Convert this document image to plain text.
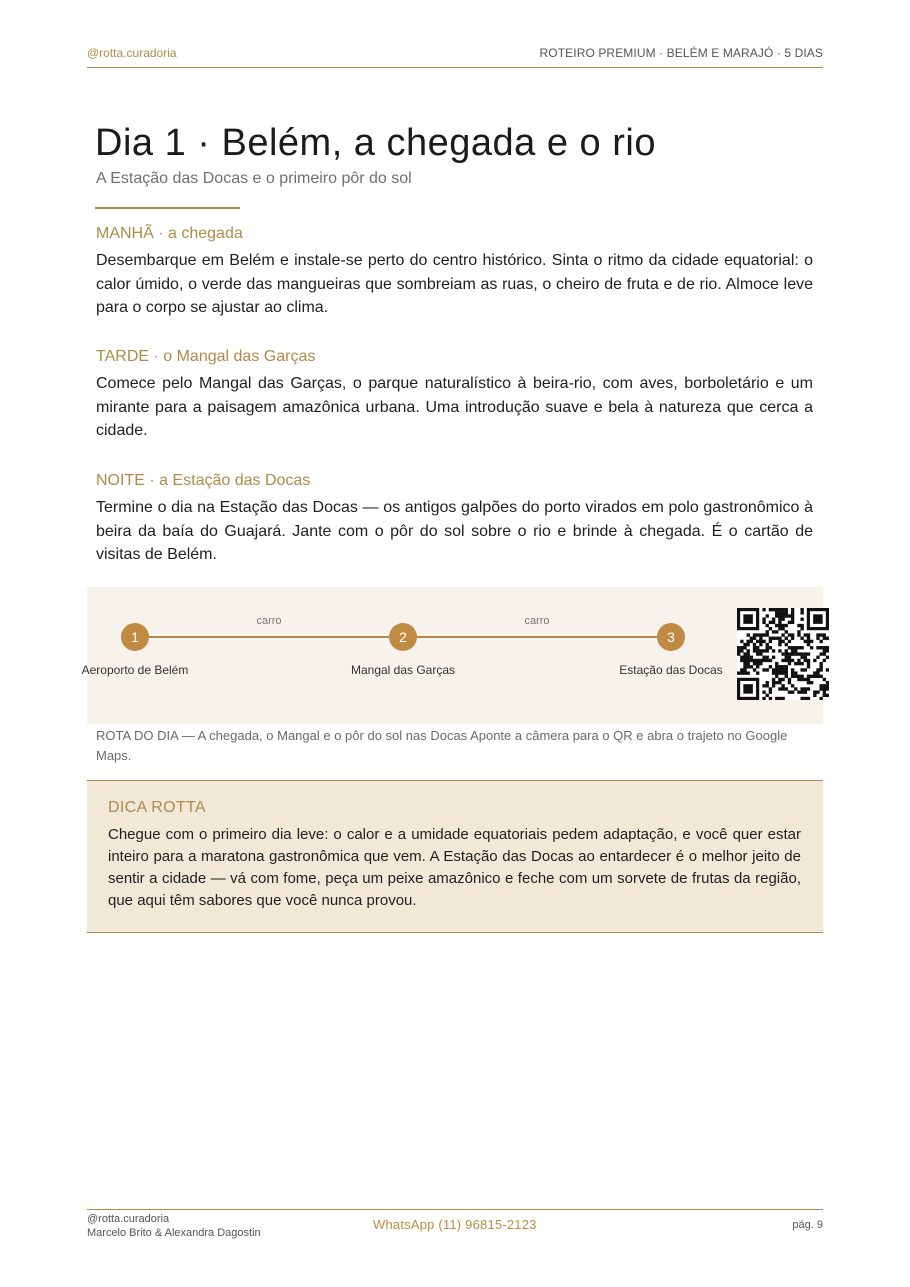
@rotta.curadoria	ROTEIRO PREMIUM · BELÉM E MARAJÓ · 5 DIAS
Dia 1 · Belém, a chegada e o rio
A Estação das Docas e o primeiro pôr do sol
MANHÃ · a chegada

Desembarque em Belém e instale-se perto do centro histórico. Sinta o ritmo da cidade equatorial: o calor úmido, o verde das mangueiras que sombreiam as ruas, o cheiro de fruta e de rio. Almoce leve para o corpo se ajustar ao clima.

TARDE · o Mangal das Garças

Comece pelo Mangal das Garças, o parque naturalístico à beira-rio, com aves, borboletário e um mirante para a paisagem amazônica urbana. Uma introdução suave e bela à natureza que cerca a cidade.

NOITE · a Estação das Docas

Termine o dia na Estação das Docas — os antigos galpões do porto virados em polo gastronômico à beira da baía do Guajará. Jante com o pôr do sol sobre o rio e brinde à chegada. É o cartão de visitas de Belém.

carro	carro
1	2	3
Aeroporto de Belém	Mangal das Garças	Estação das Docas
ROTA DO DIA — A chegada, o Mangal e o pôr do sol nas Docas Aponte a câmera para o QR e abra o trajeto no Google Maps.
DICA ROTTA

Chegue com o primeiro dia leve: o calor e a umidade equatoriais pedem adaptação, e você quer estar inteiro para a maratona gastronômica que vem. A Estação das Docas ao entardecer é o melhor jeito de sentir a cidade — vá com fome, peça um peixe amazônico e feche com um sorvete de frutas da região, que aqui têm sabores que você nunca provou.

@rotta.curadoria
Marcelo Brito & Alexandra Dagostin
WhatsApp (11) 96815-2123	pág. 9
